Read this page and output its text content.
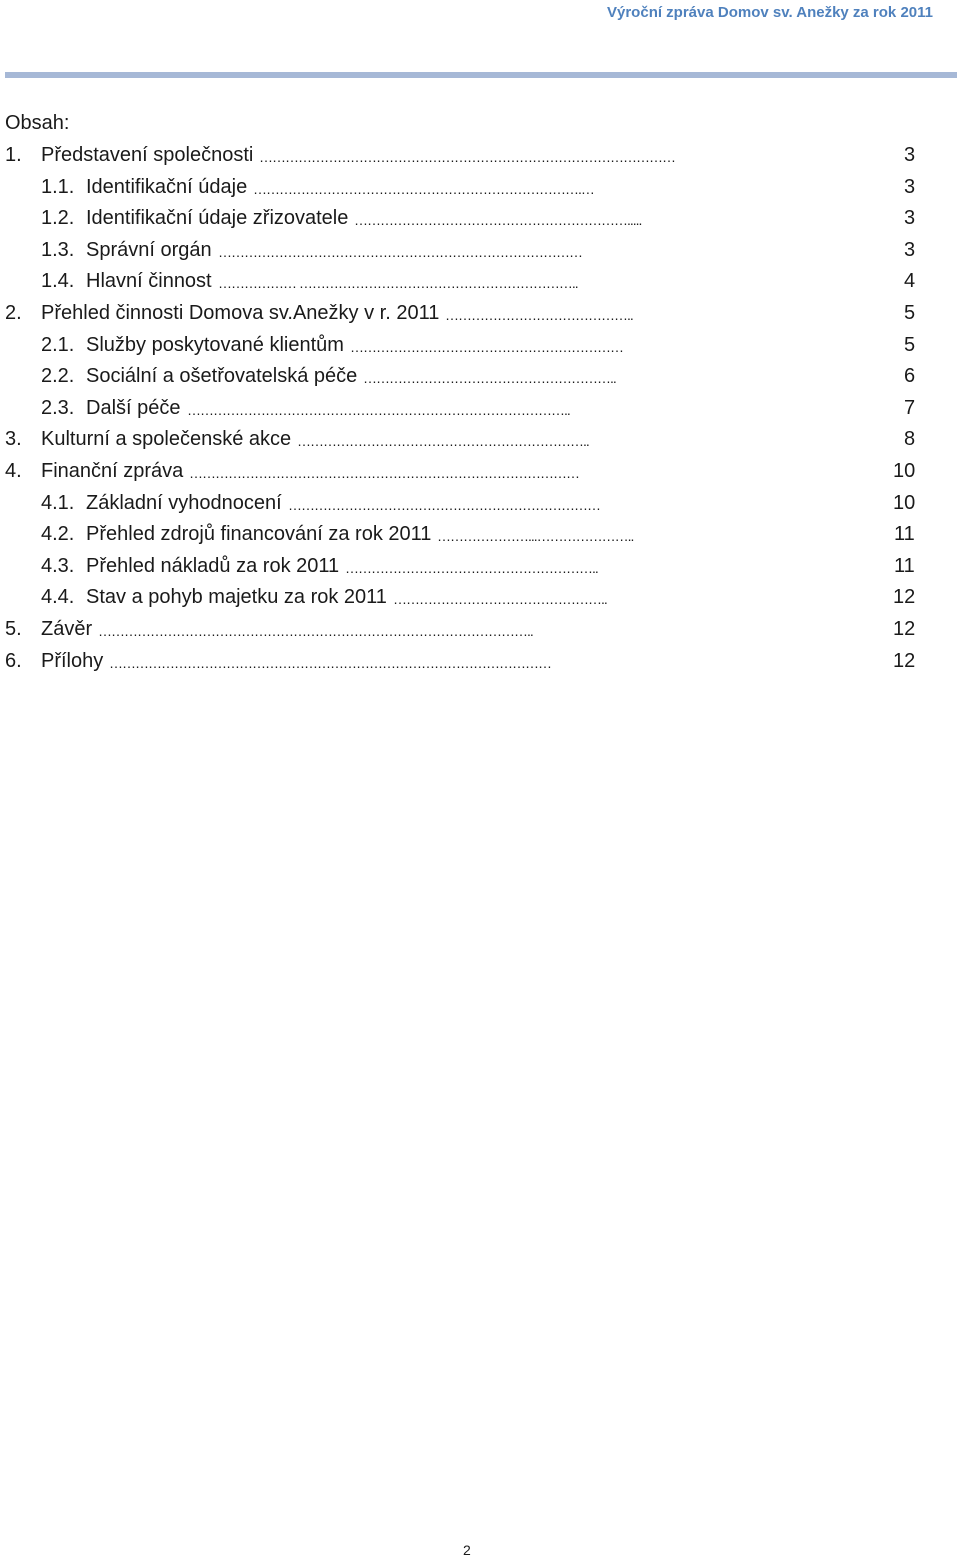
Výroční zpráva Domov sv. Anežky za rok 2011
Obsah:
1. Představení společnosti ……………………………………………………………………………………	3
1.1. Identifikační údaje ………………………………………………………………….…	3
1.2. Identifikační údaje zřizovatele ……………………………………………………….....	3
1.3. Správní orgán …………………………………………………………………………	3
1.4. Hlavní činnost ……………… ………………………………………………………..	4
2. Přehled činnosti Domova sv.Anežky v r. 2011 ……………………………………..	5
2.1. Služby poskytované klientům ………………………………………………………	5
2.2. Sociální a ošetřovatelská péče …………………………………………………..	6
2.3. Další péče ……………………………………………………………………………..	7
3. Kulturní a společenské akce …………………………………………………………..	8
4. Finanční zpráva ………………………………………………………………………………	10
4.1. Základní vyhodnocení ………………………………………………………………	10
4.2. Přehled zdrojů financování za rok 2011 …………………...…………………..	11
4.3. Přehled nákladů za rok 2011 …………………………………………………..	11
4.4. Stav a pohyb majetku za rok 2011 …………………………………………..	12
5. Závěr ………………………………………………………………………………………..	12
6. Přílohy …………………………………………………………………………………………	12
2
